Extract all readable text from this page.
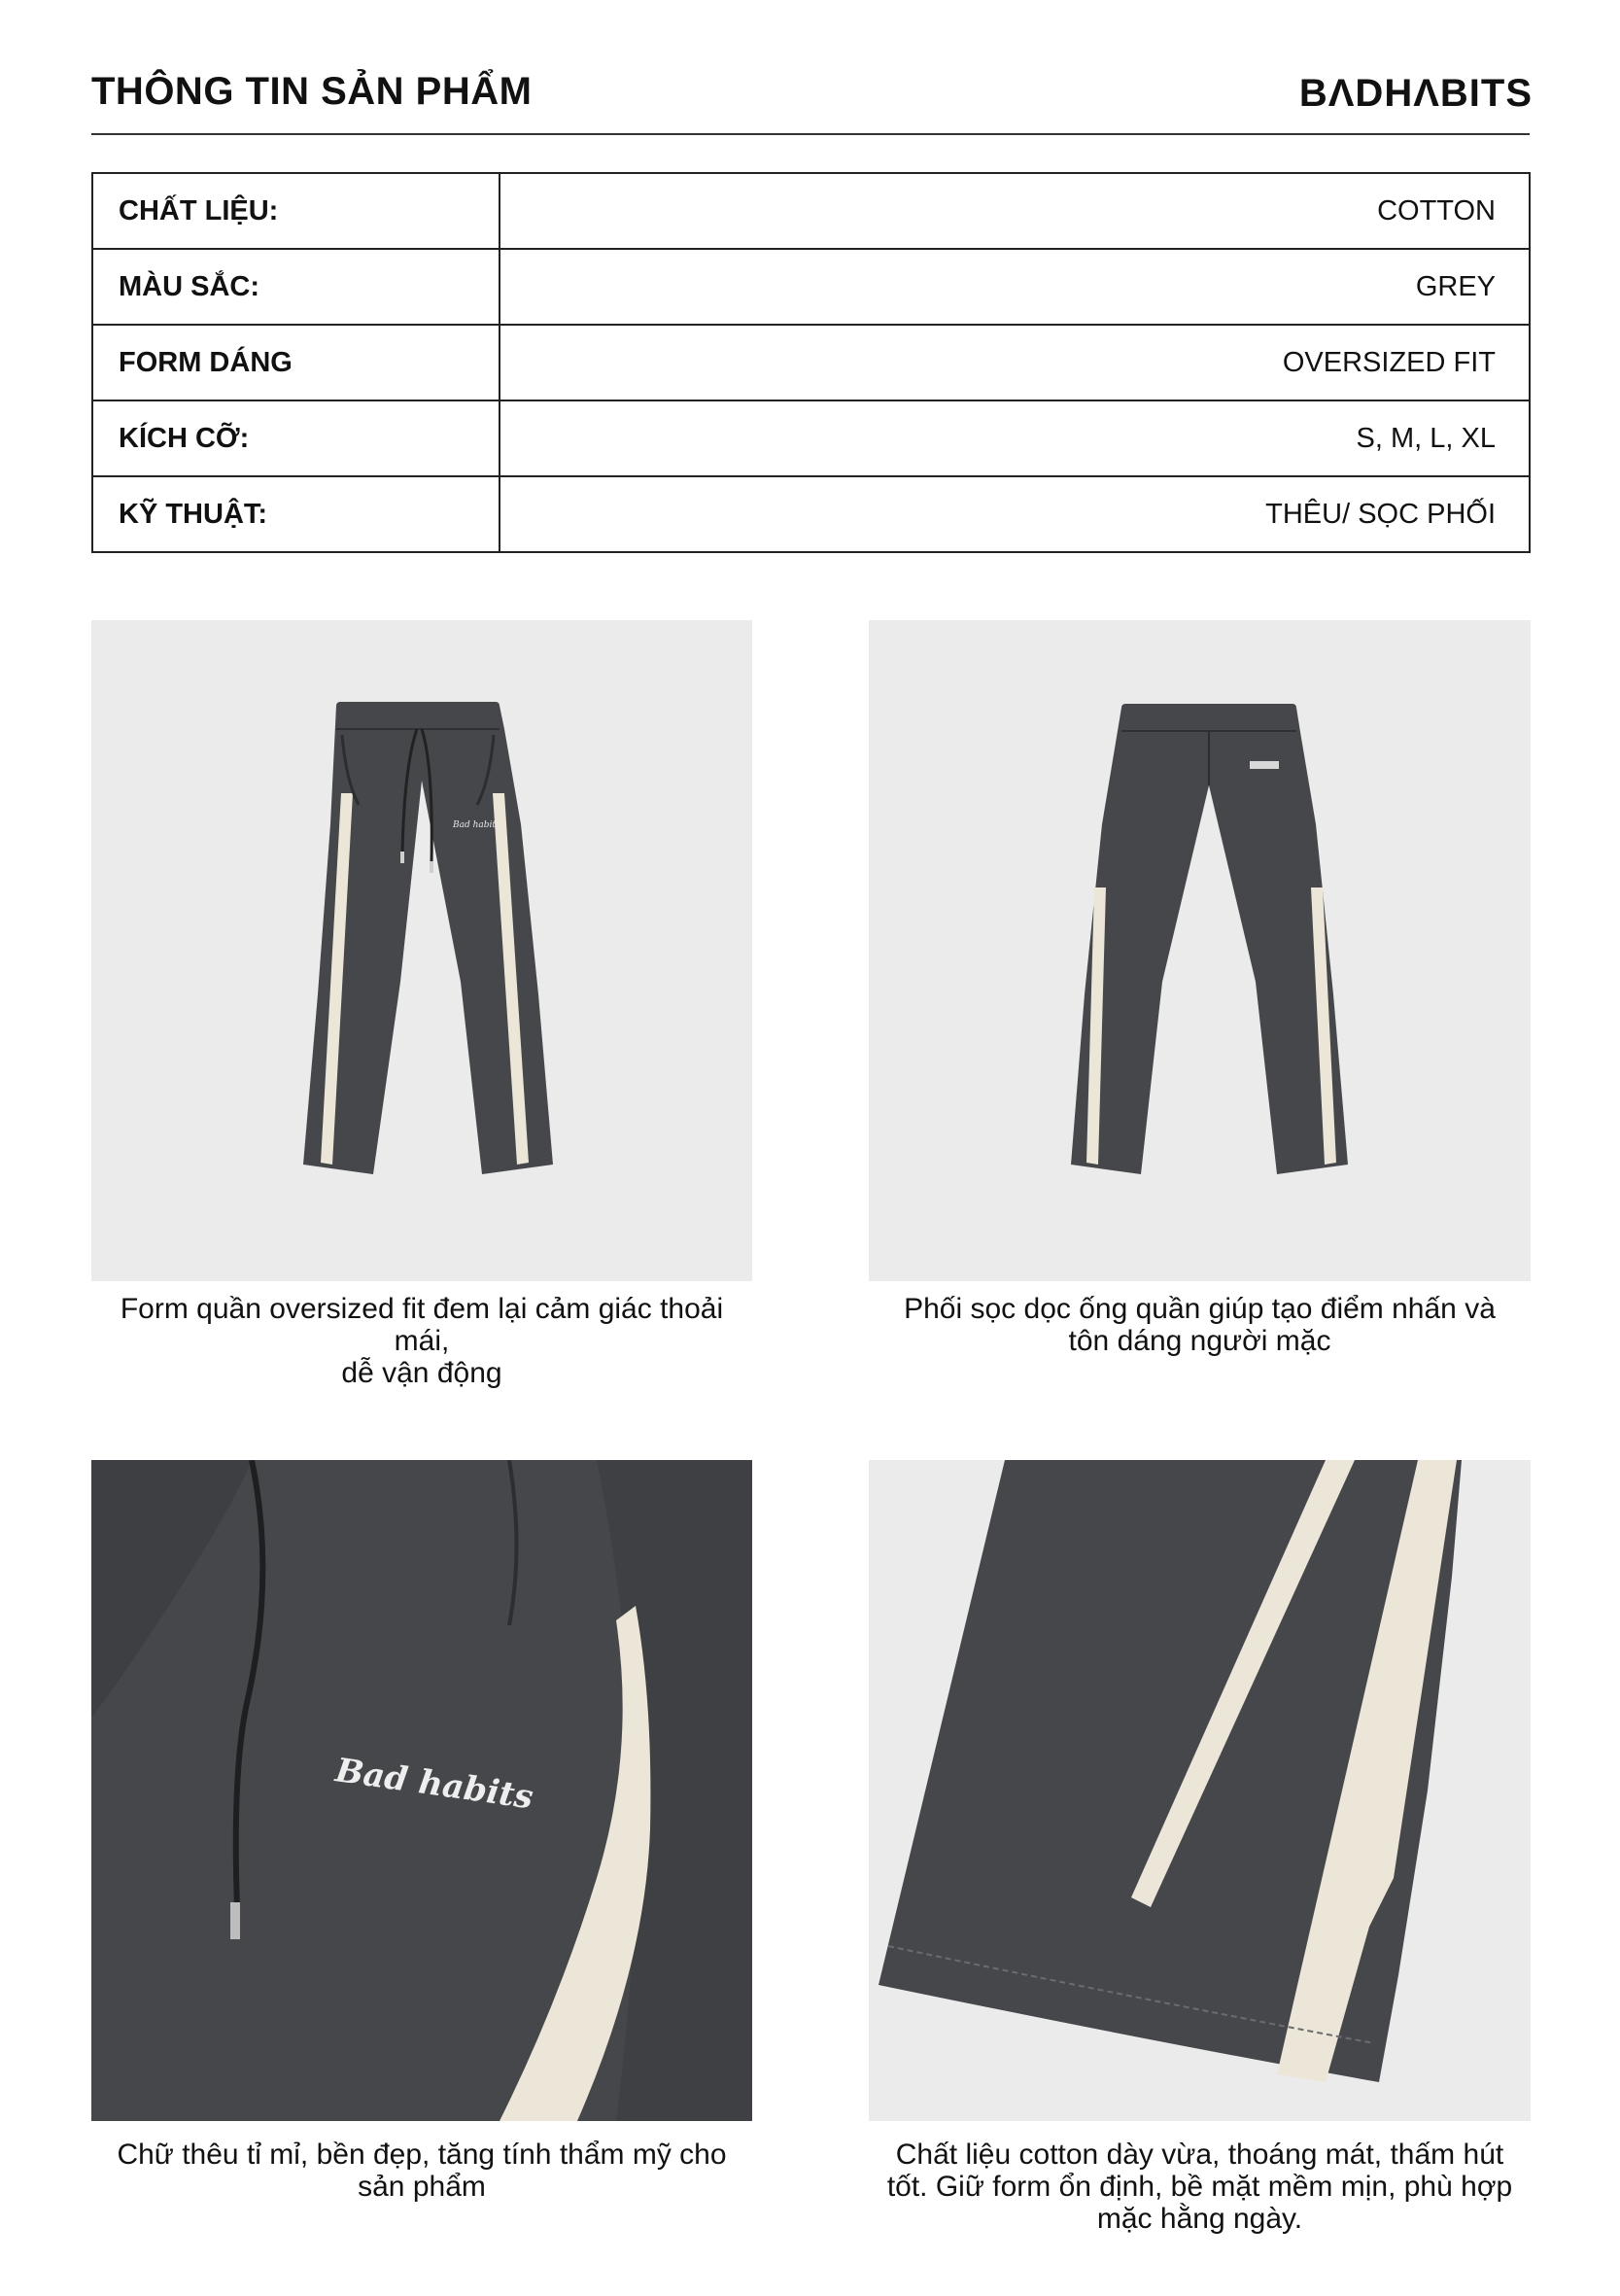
THÔNG TIN SẢN PHẨM	BΛDHΛBITS
CHẤT LIỆU:	COTTON
MÀU SẮC:	GREY
FORM DÁNG	OVERSIZED FIT
KÍCH CỠ:	S, M, L, XL
KỸ THUẬT:	THÊU/ SỌC PHỐI
Bad habits
Form quần oversized fit đem lại cảm giác thoải mái,
dễ vận động
Phối sọc dọc ống quần giúp tạo điểm nhấn và
tôn dáng người mặc
Bad habits
Chữ thêu tỉ mỉ, bền đẹp, tăng tính thẩm mỹ cho
sản phẩm
Chất liệu cotton dày vừa, thoáng mát, thấm hút
tốt. Giữ form ổn định, bề mặt mềm mịn, phù hợp
mặc hằng ngày.
